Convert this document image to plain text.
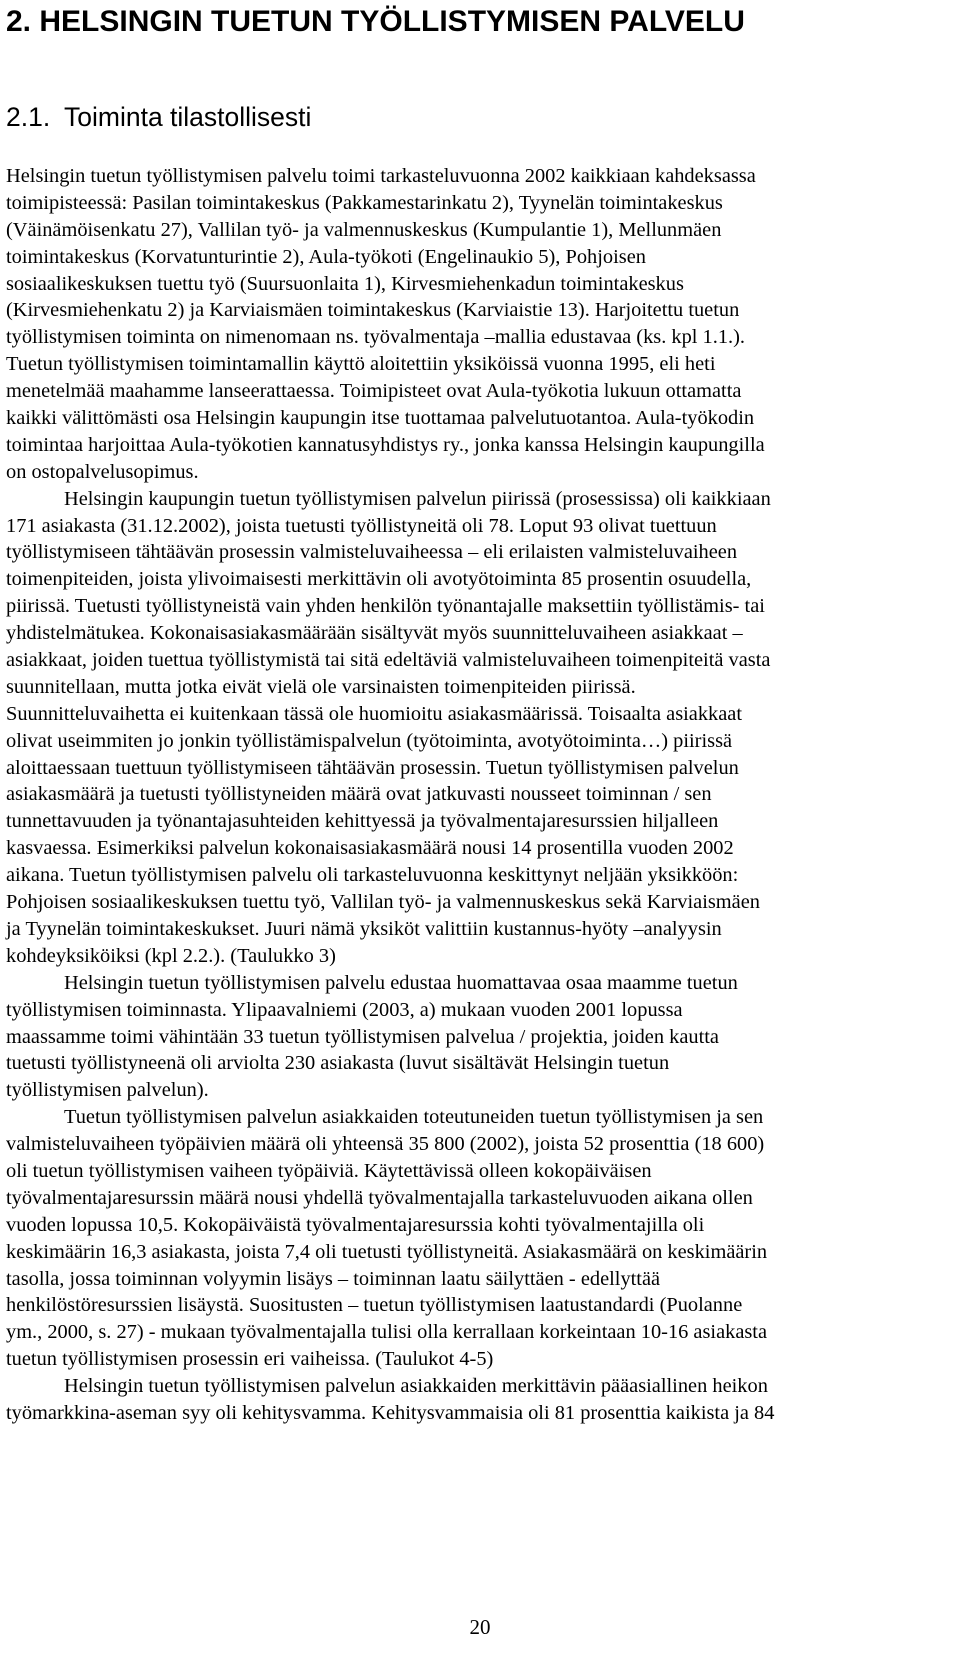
2. HELSINGIN TUETUN TYÖLLISTYMISEN PALVELU
2.1. Toiminta tilastollisesti
Helsingin tuetun työllistymisen palvelu toimi tarkasteluvuonna 2002 kaikkiaan kahdeksassa
toimipisteessä: Pasilan toimintakeskus (Pakkamestarinkatu 2), Tyynelän toimintakeskus
(Väinämöisenkatu 27), Vallilan työ- ja valmennuskeskus (Kumpulantie 1), Mellunmäen
toimintakeskus (Korvatunturintie 2), Aula-työkoti (Engelinaukio 5), Pohjoisen
sosiaalikeskuksen tuettu työ (Suursuonlaita 1), Kirvesmiehenkadun toimintakeskus
(Kirvesmiehenkatu 2) ja Karviaismäen toimintakeskus (Karviaistie 13). Harjoitettu tuetun
työllistymisen toiminta on nimenomaan ns. työvalmentaja –mallia edustavaa (ks. kpl 1.1.).
Tuetun työllistymisen toimintamallin käyttö aloitettiin yksiköissä vuonna 1995, eli heti
menetelmää maahamme lanseerattaessa. Toimipisteet ovat Aula-työkotia lukuun ottamatta
kaikki välittömästi osa Helsingin kaupungin itse tuottamaa palvelutuotantoa. Aula-työkodin
toimintaa harjoittaa Aula-työkotien kannatusyhdistys ry., jonka kanssa Helsingin kaupungilla
on ostopalvelusopimus.
Helsingin kaupungin tuetun työllistymisen palvelun piirissä (prosessissa) oli kaikkiaan
171 asiakasta (31.12.2002), joista tuetusti työllistyneitä oli 78. Loput 93 olivat tuettuun
työllistymiseen tähtäävän prosessin valmisteluvaiheessa – eli erilaisten valmisteluvaiheen
toimenpiteiden, joista ylivoimaisesti merkittävin oli avotyötoiminta 85 prosentin osuudella,
piirissä. Tuetusti työllistyneistä vain yhden henkilön työnantajalle maksettiin työllistämis- tai
yhdistelmätukea. Kokonaisasiakasmäärään sisältyvät myös suunnitteluvaiheen asiakkaat –
asiakkaat, joiden tuettua työllistymistä tai sitä edeltäviä valmisteluvaiheen toimenpiteitä vasta
suunnitellaan, mutta jotka eivät vielä ole varsinaisten toimenpiteiden piirissä.
Suunnitteluvaihetta ei kuitenkaan tässä ole huomioitu asiakasmäärissä. Toisaalta asiakkaat
olivat useimmiten jo jonkin työllistämispalvelun (työtoiminta, avotyötoiminta…) piirissä
aloittaessaan tuettuun työllistymiseen tähtäävän prosessin. Tuetun työllistymisen palvelun
asiakasmäärä ja tuetusti työllistyneiden määrä ovat jatkuvasti nousseet toiminnan / sen
tunnettavuuden ja työnantajasuhteiden kehittyessä ja työvalmentajaresurssien hiljalleen
kasvaessa. Esimerkiksi palvelun kokonaisasiakasmäärä nousi 14 prosentilla vuoden 2002
aikana. Tuetun työllistymisen palvelu oli tarkasteluvuonna keskittynyt neljään yksikköön:
Pohjoisen sosiaalikeskuksen tuettu työ, Vallilan työ- ja valmennuskeskus sekä Karviaismäen
ja Tyynelän toimintakeskukset. Juuri nämä yksiköt valittiin kustannus-hyöty –analyysin
kohdeyksiköiksi (kpl 2.2.). (Taulukko 3)
Helsingin tuetun työllistymisen palvelu edustaa huomattavaa osaa maamme tuetun
työllistymisen toiminnasta. Ylipaavalniemi (2003, a) mukaan vuoden 2001 lopussa
maassamme toimi vähintään 33 tuetun työllistymisen palvelua / projektia, joiden kautta
tuetusti työllistyneenä oli arviolta 230 asiakasta (luvut sisältävät Helsingin tuetun
työllistymisen palvelun).
Tuetun työllistymisen palvelun asiakkaiden toteutuneiden tuetun työllistymisen ja sen
valmisteluvaiheen työpäivien määrä oli yhteensä 35 800 (2002), joista 52 prosenttia (18 600)
oli tuetun työllistymisen vaiheen työpäiviä. Käytettävissä olleen kokopäiväisen
työvalmentajaresurssin määrä nousi yhdellä työvalmentajalla tarkasteluvuoden aikana ollen
vuoden lopussa 10,5. Kokopäiväistä työvalmentajaresurssia kohti työvalmentajilla oli
keskimäärin 16,3 asiakasta, joista 7,4 oli tuetusti työllistyneitä. Asiakasmäärä on keskimäärin
tasolla, jossa toiminnan volyymin lisäys – toiminnan laatu säilyttäen - edellyttää
henkilöstöresurssien lisäystä. Suositusten – tuetun työllistymisen laatustandardi (Puolanne
ym., 2000, s. 27) - mukaan työvalmentajalla tulisi olla kerrallaan korkeintaan 10-16 asiakasta
tuetun työllistymisen prosessin eri vaiheissa. (Taulukot 4-5)
Helsingin tuetun työllistymisen palvelun asiakkaiden merkittävin pääasiallinen heikon
työmarkkina-aseman syy oli kehitysvamma. Kehitysvammaisia oli 81 prosenttia kaikista ja 84
20
